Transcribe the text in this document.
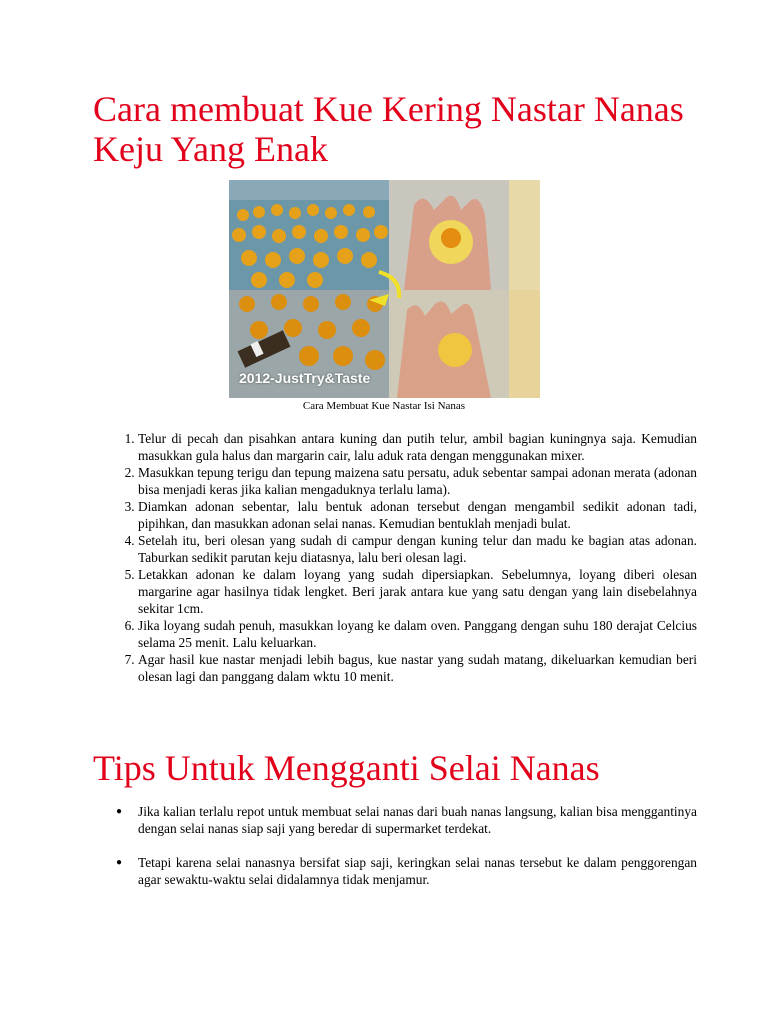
Cara membuat Kue Kering Nastar Nanas Keju Yang Enak
2012-JustTry&Taste
Cara Membuat Kue Nastar Isi Nanas
1. Telur di pecah dan pisahkan antara kuning dan putih telur, ambil bagian kuningnya saja. Kemudian masukkan gula halus dan margarin cair, lalu aduk rata dengan menggunakan mixer.
2. Masukkan tepung terigu dan tepung maizena satu persatu, aduk sebentar sampai adonan merata (adonan bisa menjadi keras jika kalian mengaduknya terlalu lama).
3. Diamkan adonan sebentar, lalu bentuk adonan tersebut dengan mengambil sedikit adonan tadi, pipihkan, dan masukkan adonan selai nanas. Kemudian bentuklah menjadi bulat.
4. Setelah itu, beri olesan yang sudah di campur dengan kuning telur dan madu ke bagian atas adonan. Taburkan sedikit parutan keju diatasnya, lalu beri olesan lagi.
5. Letakkan adonan ke dalam loyang yang sudah dipersiapkan. Sebelumnya, loyang diberi olesan margarine agar hasilnya tidak lengket. Beri jarak antara kue yang satu dengan yang lain disebelahnya sekitar 1cm.
6. Jika loyang sudah penuh, masukkan loyang ke dalam oven. Panggang dengan suhu 180 derajat Celcius selama 25 menit. Lalu keluarkan.
7. Agar hasil kue nastar menjadi lebih bagus, kue nastar yang sudah matang, dikeluarkan kemudian beri olesan lagi dan panggang dalam wktu 10 menit.
Tips Untuk Mengganti Selai Nanas
● Jika kalian terlalu repot untuk membuat selai nanas dari buah nanas langsung, kalian bisa menggantinya dengan selai nanas siap saji yang beredar di supermarket terdekat.
● Tetapi karena selai nanasnya bersifat siap saji, keringkan selai nanas tersebut ke dalam penggorengan agar sewaktu-waktu selai didalamnya tidak menjamur.
